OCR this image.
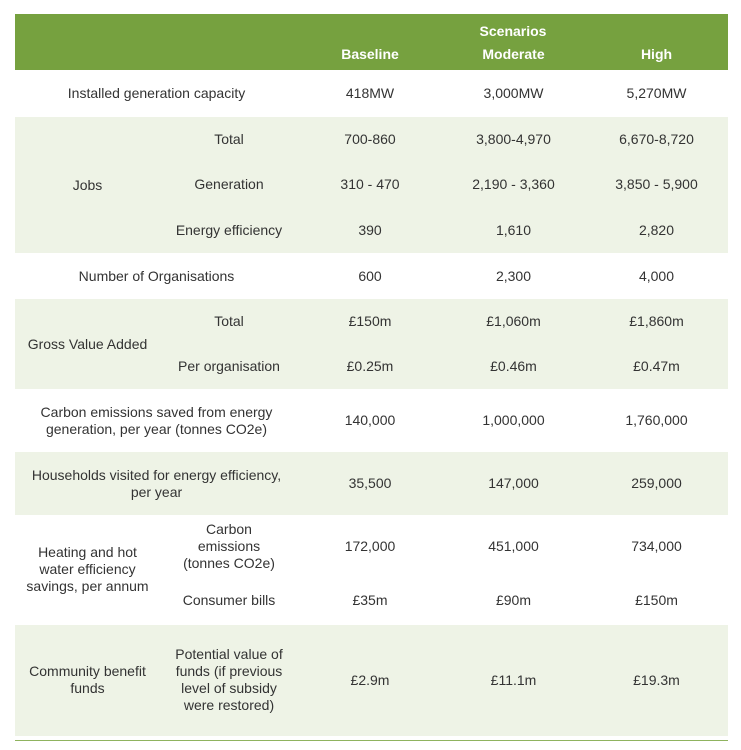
		Scenarios		
		Baseline	Moderate	High
Installed generation capacity		418MW	3,000MW	5,270MW
Jobs	Total	700-860	3,800-4,970	6,670-8,720
	Generation	310 - 470	2,190 - 3,360	3,850 - 5,900
	Energy efficiency	390	1,610	2,820
Number of Organisations		600	2,300	4,000
Gross Value Added	Total	£150m	£1,060m	£1,860m
	Per organisation	£0.25m	£0.46m	£0.47m

Carbon emissions saved from energy generation, per year (tonnes CO2e)		140,000	1,000,000	1,760,000

Households visited for energy efficiency, per year		35,500	147,000	259,000

Heating and hot water efficiency savings, per annum	Carbon emissions (tonnes CO2e)	172,000	451,000	734,000
	Consumer bills	£35m	£90m	£150m

Community benefit funds	Potential value of funds (if previous level of subsidy were restored)	£2.9m	£11.1m	£19.3m
